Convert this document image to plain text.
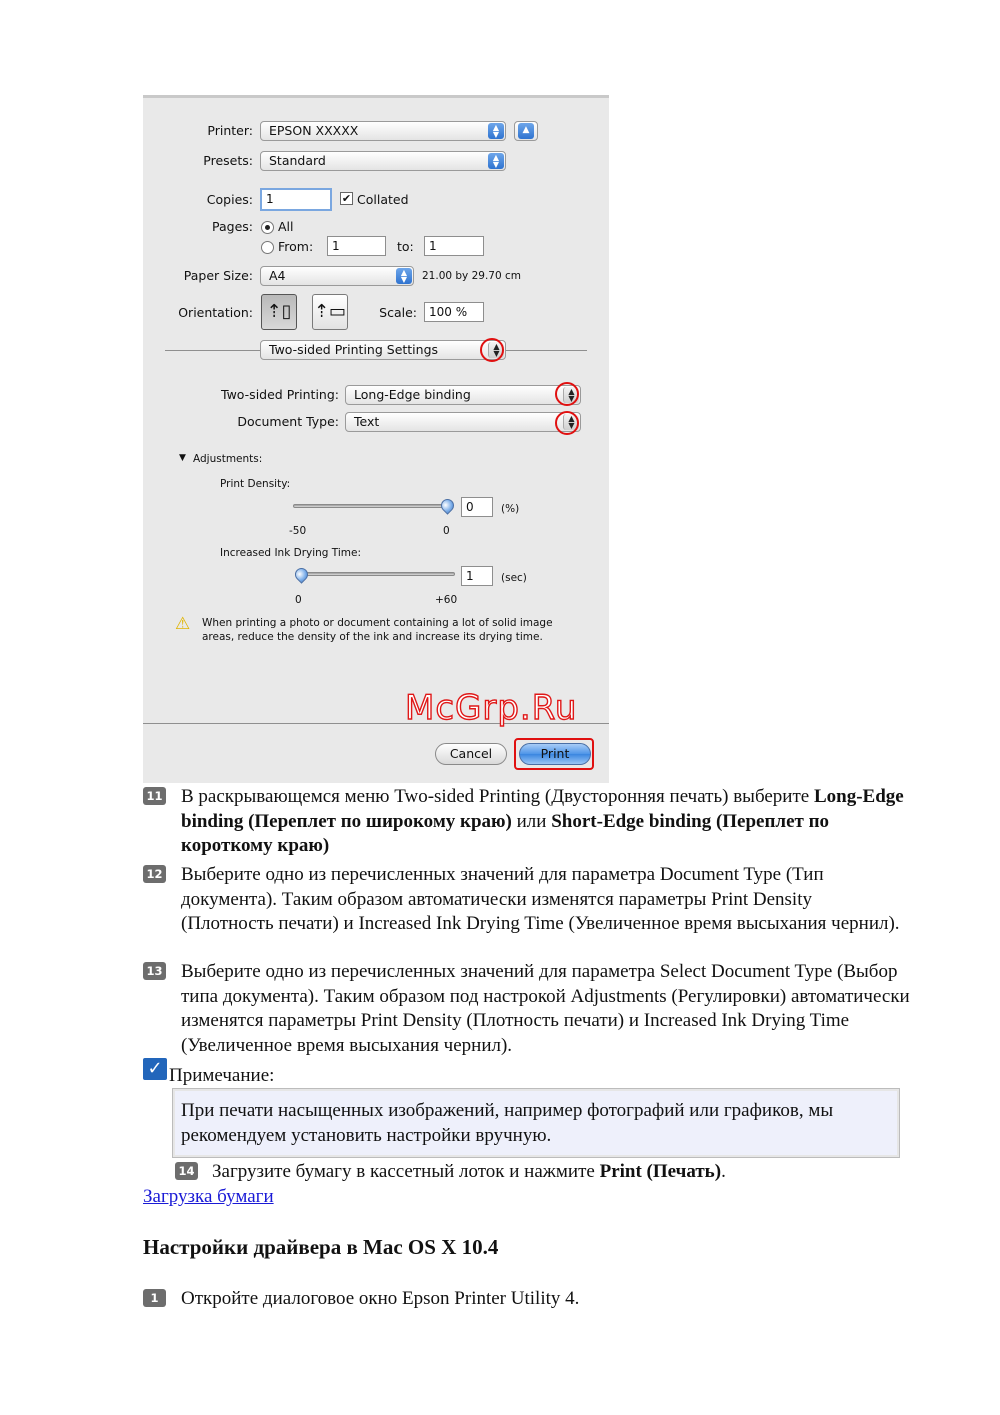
Printer:	EPSON XXXXX	▲
▼	▲
Presets:	Standard	▲
▼
Copies:	1	✔ Collated
Pages: All
From:	1	to:	1
Paper Size:	A4	▲
▼	21.00 by 29.70 cm
Orientation: ⇡▯	⇡▭	Scale:	100 %
Two-sided Printing Settings	▲
▼
Two-sided Printing:	Long-Edge binding	▲
▼
Document Type:	Text	▲
▼
▼ Adjustments:
Print Density:
0	(%)
-50	0
Increased Ink Drying Time:
1	(sec)
0	+60
⚠ When printing a photo or document containing a lot of solid image areas, reduce the density of the ink and increase its drying time.
Cancel	Print
McGrp.Ru
11 В раскрывающемся меню Two-sided Printing (Двусторонняя печать) выберите Long-Edge binding (Переплет по широкому краю) или Short-Edge binding (Переплет по короткому краю)
12 Выберите одно из перечисленных значений для параметра Document Type (Тип документа). Таким образом автоматически изменятся параметры Print Density (Плотность печати) и Increased Ink Drying Time (Увеличенное время высыхания чернил).
13 Выберите одно из перечисленных значений для параметра Select Document Type (Выбор типа документа). Таким образом под настрокой Adjustments (Регулировки) автоматически изменятся параметры Print Density (Плотность печати) и Increased Ink Drying Time (Увеличенное время высыхания чернил).
✓ Примечание:
При печати насыщенных изображений, например фотографий или графиков, мы рекомендуем установить настройки вручную.
14 Загрузите бумагу в кассетный лоток и нажмите Print (Печать).
Загрузка бумаги
Настройки драйвера в Mac OS X 10.4
1	Откройте диалоговое окно Epson Printer Utility 4.
